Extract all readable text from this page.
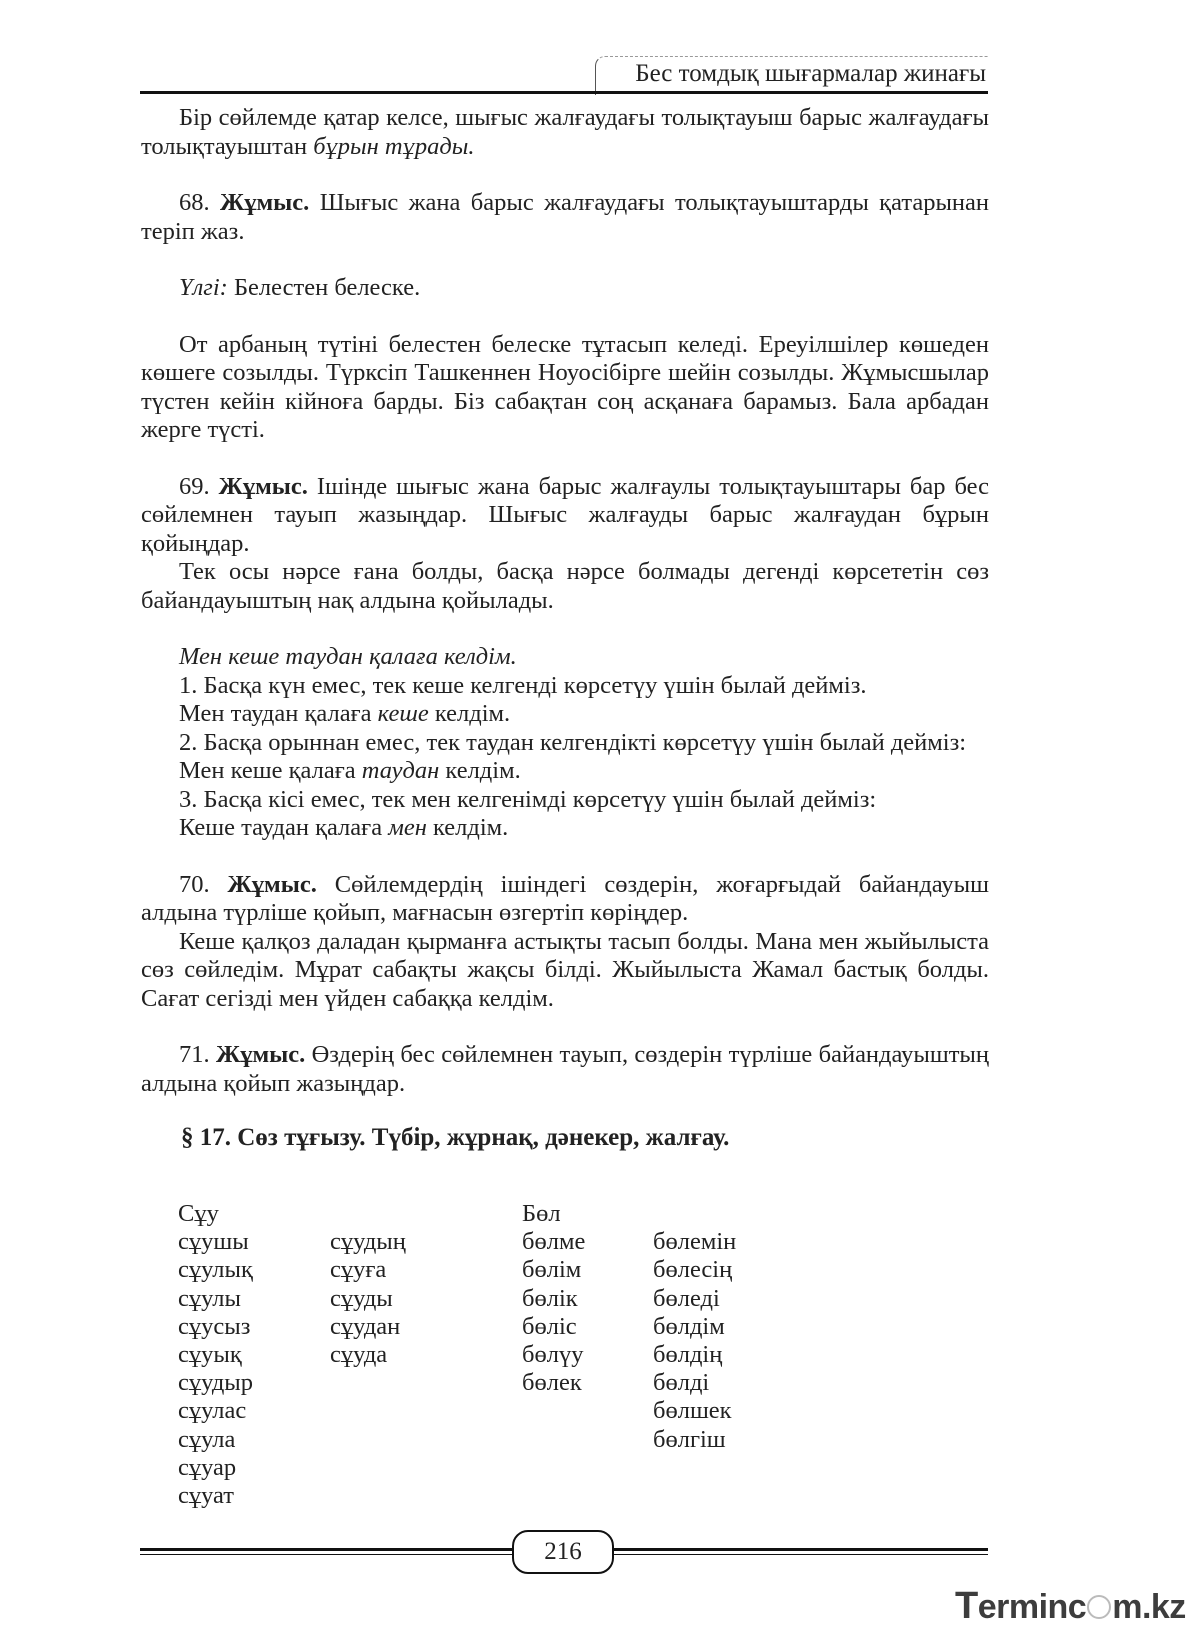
Бес томдық шығармалар жинағы

Бір сөйлемде қатар келсе, шығыс жалғаудағы толықтауыш барыс жалғаудағы толықтауыштан бұрын тұрады.

68. Жұмыс. Шығыс жана барыс жалғаудағы толықтауыштарды қатарынан теріп жаз.

Үлгі: Белестен белеске.

От арбаның түтіні белестен белеске тұтасып келеді. Ереуілшілер көшеден көшеге созылды. Түрксіп Ташкеннен Ноуосібірге шейін созылды. Жұмысшылар түстен кейін кійноға барды. Біз сабақтан соң асқанаға барамыз. Бала арбадан жерге түсті.

69. Жұмыс. Ішінде шығыс жана барыс жалғаулы толықтауыштары бар бес сөйлемнен тауып жазыңдар. Шығыс жалғауды барыс жалғаудан бұрын қойыңдар.

Тек осы нәрсе ғана болды, басқа нәрсе болмады дегенді көрсететін сөз байандауыштың нақ алдына қойылады.

Мен кеше таудан қалаға келдім.

1. Басқа күн емес, тек кеше келгенді көрсетүу үшін былай дейміз.

Мен таудан қалаға кеше келдім.

2. Басқа орыннан емес, тек таудан келгендікті көрсетүу үшін былай дейміз:

Мен кеше қалаға таудан келдім.

3. Басқа кісі емес, тек мен келгенімді көрсетүу үшін былай дейміз:

Кеше таудан қалаға мен келдім.

70. Жұмыс. Сөйлемдердің ішіндегі сөздерін, жоғарғыдай байандауыш алдына түрліше қойып, мағнасын өзгертіп көріңдер.

Кеше қалқоз даладан қырманға астықты тасып болды. Мана мен жыйылыста сөз сөйледім. Мұрат сабақты жақсы білді. Жыйылыста Жамал бастық болды. Сағат сегізді мен үйден сабаққа келдім.

71. Жұмыс. Өздерің бес сөйлемнен тауып, сөздерін түрліше байандауыштың алдына қойып жазыңдар.

§ 17. Сөз тұғызу. Түбір, жұрнақ, дәнекер, жалғау.

Сұу
сұушы
сұулық
сұулы
сұусыз
сұуық
сұудыр
сұулас
сұула
сұуар
сұуат
сұудың
сұуға
сұуды
сұудан
сұуда
Бөл
бөлме
бөлім
бөлік
бөліс
бөлүу
бөлек
бөлемін
бөлесің
бөледі
бөлдім
бөлдің
бөлді
бөлшек
бөлгіш
216
Terminc m.kz
